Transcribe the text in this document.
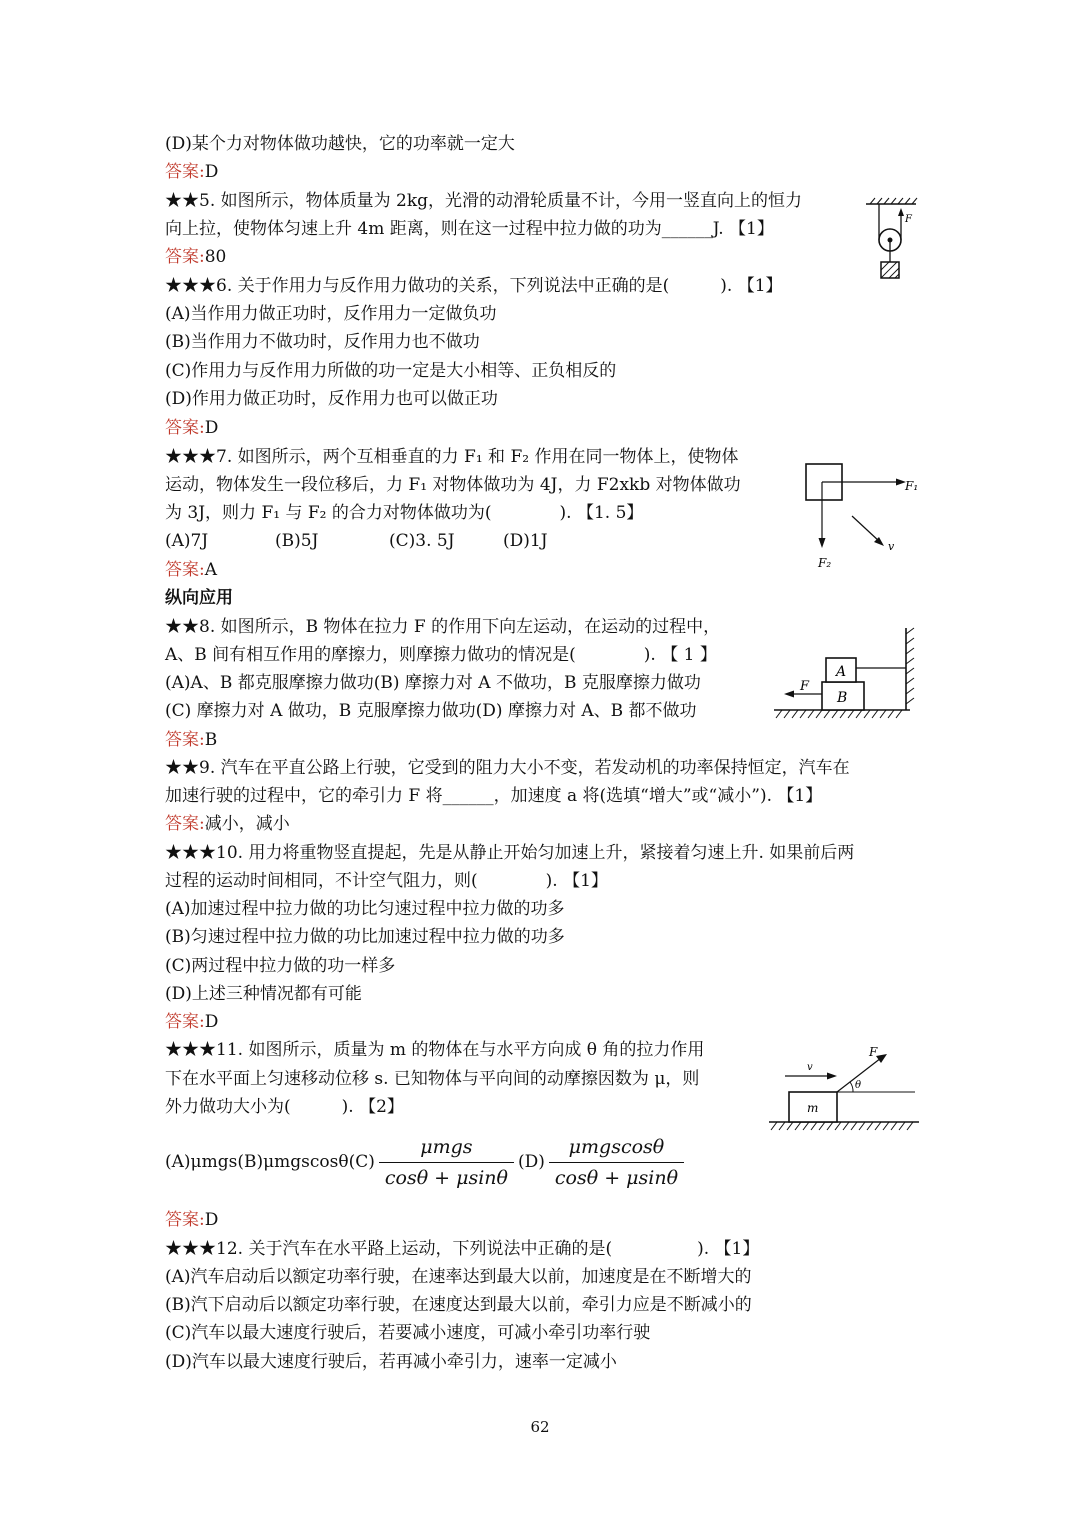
(D)某个力对物体做功越快，它的功率就一定大
答案:D
★★5. 如图所示，物体质量为 2kg，光滑的动滑轮质量不计，今用一竖直向上的恒力
向上拉，使物体匀速上升 4m 距离，则在这一过程中拉力做的功为______J. 【1】
答案:80
★★★6. 关于作用力与反作用力做功的关系，下列说法中正确的是(　　　). 【1】
(A)当作用力做正功时，反作用力一定做负功
(B)当作用力不做功时，反作用力也不做功
(C)作用力与反作用力所做的功一定是大小相等、正负相反的
(D)作用力做正功时，反作用力也可以做正功
答案:D
★★★7. 如图所示，两个互相垂直的力 F₁ 和 F₂ 作用在同一物体上，使物体
运动，物体发生一段位移后，力 F₁ 对物体做功为 4J，力 F2xkb 对物体做功
为 3J，则力 F₁ 与 F₂ 的合力对物体做功为(　　　　). 【1. 5】
(A)7J	(B)5J	(C)3. 5J	(D)1J
答案:A
纵向应用
★★8. 如图所示，B 物体在拉力 F 的作用下向左运动，在运动的过程中，
A、B 间有相互作用的摩擦力，则摩擦力做功的情况是(　　　　). 【 1 】
(A)A、B 都克服摩擦力做功(B) 摩擦力对 A 不做功，B 克服摩擦力做功
(C) 摩擦力对 A 做功，B 克服摩擦力做功(D) 摩擦力对 A、B 都不做功
答案:B
★★9. 汽车在平直公路上行驶，它受到的阻力大小不变，若发动机的功率保持恒定，汽车在
加速行驶的过程中，它的牵引力 F 将______，加速度 a 将(选填“增大”或“减小”). 【1】
答案:减小，减小
★★★10. 用力将重物竖直提起，先是从静止开始匀加速上升，紧接着匀速上升. 如果前后两
过程的运动时间相同，不计空气阻力，则(　　　　). 【1】
(A)加速过程中拉力做的功比匀速过程中拉力做的功多
(B)匀速过程中拉力做的功比加速过程中拉力做的功多
(C)两过程中拉力做的功一样多
(D)上述三种情况都有可能
答案:D
★★★11. 如图所示，质量为 m 的物体在与水平方向成 θ 角的拉力作用
下在水平面上匀速移动位移 s. 已知物体与平向间的动摩擦因数为 μ，则
外力做功大小为(　　　). 【2】
$(A)\mu mgs(B)\mu mgscos\theta(C) \frac{\text{μmgs}}{\cos\theta + \mu\sin\theta} (D) \frac{\text{μmgscosθ}}{\cos\theta + \mu\sin\theta}$
答案:D
★★★12. 关于汽车在水平路上运动，下列说法中正确的是(　　　　　). 【1】
(A)汽车启动后以额定功率行驶，在速率达到最大以前，加速度是在不断增大的
(B)汽下启动后以额定功率行驶，在速度达到最大以前，牵引力应是不断减小的
(C)汽车以最大速度行驶后，若要减小速度，可减小牵引功率行驶
(D)汽车以最大速度行驶后，若再减小牵引力，速率一定减小
F
F₁
F₂
v
B
A
F
m
v
F
θ
62
